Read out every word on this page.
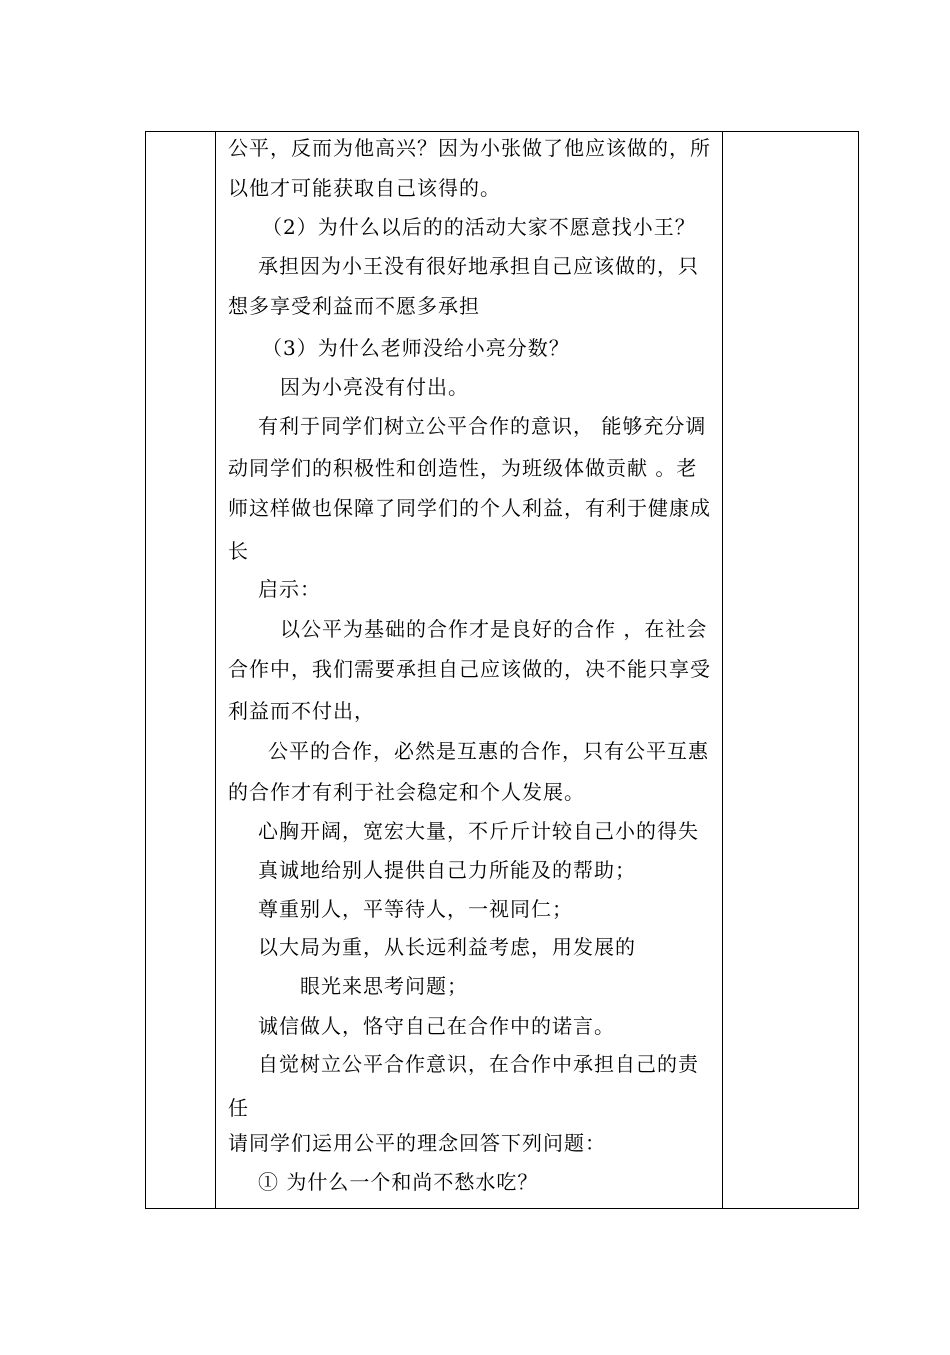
公平，反而为他高兴？因为小张做了他应该做的，所
以他才可能获取自己该得的。
（2）为什么以后的的活动大家不愿意找小王？
承担因为小王没有很好地承担自己应该做的，只
想多享受利益而不愿多承担
（3）为什么老师没给小亮分数？
因为小亮没有付出。
有利于同学们树立公平合作的意识， 能够充分调
动同学们的积极性和创造性，为班级体做贡献 。老
师这样做也保障了同学们的个人利益，有利于健康成
长
启示：
以公平为基础的合作才是良好的合作 ，在社会
合作中，我们需要承担自己应该做的，决不能只享受
利益而不付出，
公平的合作，必然是互惠的合作，只有公平互惠
的合作才有利于社会稳定和个人发展。
心胸开阔，宽宏大量，不斤斤计较自己小的得失
真诚地给别人提供自己力所能及的帮助；
尊重别人，平等待人，一视同仁；
以大局为重，从长远利益考虑，用发展的
眼光来思考问题；
诚信做人，恪守自己在合作中的诺言。
自觉树立公平合作意识，在合作中承担自己的责
任
请同学们运用公平的理念回答下列问题：
① 为什么一个和尚不愁水吃？
